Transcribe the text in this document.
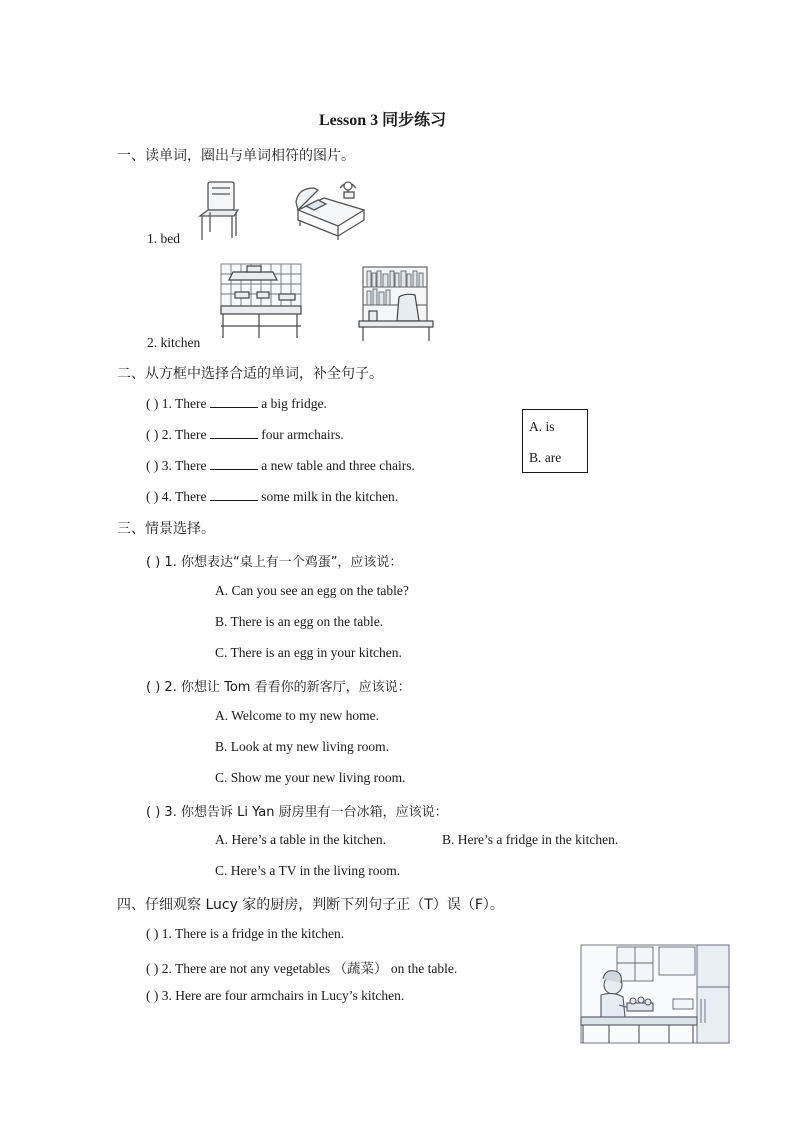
Lesson 3 同步练习
一、读单词，圈出与单词相符的图片。
1. bed
2. kitchen
二、从方框中选择合适的单词，补全句子。
( ) 1. There	a big fridge.
( ) 2. There	four armchairs.
( ) 3. There	a new table and three chairs.
( ) 4. There	some milk in the kitchen.
A. is
B. are
三、情景选择。
( ) 1. 你想表达“桌上有一个鸡蛋”，应该说：
A. Can you see an egg on the table?
B. There is an egg on the table.
C. There is an egg in your kitchen.
( ) 2. 你想让 Tom 看看你的新客厅，应该说：
A. Welcome to my new home.
B. Look at my new living room.
C. Show me your new living room.
( ) 3. 你想告诉 Li Yan 厨房里有一台冰箱，应该说：
A. Here’s a table in the kitchen.	B. Here’s a fridge in the kitchen.
C. Here’s a TV in the living room.
四、仔细观察 Lucy 家的厨房，判断下列句子正（T）误（F）。
( ) 1. There is a fridge in the kitchen.
( ) 2. There are not any vegetables （蔬菜） on the table.
( ) 3. Here are four armchairs in Lucy’s kitchen.
